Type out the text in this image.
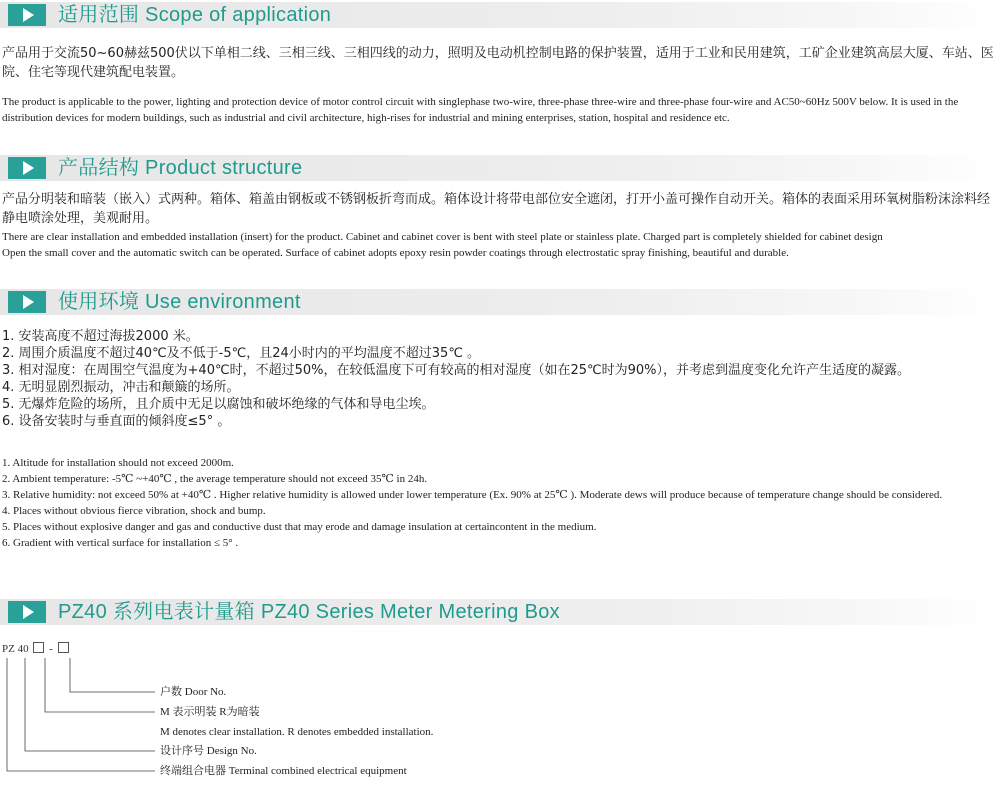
适用范围 Scope of application
产品用于交流50~60赫兹500伏以下单相二线、三相三线、三相四线的动力，照明及电动机控制电路的保护装置，适用于工业和民用建筑，工矿企业建筑高层大厦、车站、医院、住宅等现代建筑配电装置。
The product is applicable to the power, lighting and protection device of motor control circuit with singlephase two-wire, three-phase three-wire and three-phase four-wire and AC50~60Hz 500V below. It is used in the distribution devices for modern buildings, such as industrial and civil architecture, high-rises for industrial and mining enterprises, station, hospital and residence etc.
产品结构 Product structure
产品分明装和暗装（嵌入）式两种。箱体、箱盖由钢板或不锈钢板折弯而成。箱体设计将带电部位安全遮闭，打开小盖可操作自动开关。箱体的表面采用环氧树脂粉沫涂料经静电喷涂处理，美观耐用。
There are clear installation and embedded installation (insert) for the product. Cabinet and cabinet cover is bent with steel plate or stainless plate. Charged part is completely shielded for cabinet design
Open the small cover and the automatic switch can be operated. Surface of cabinet adopts epoxy resin powder coatings through electrostatic spray finishing, beautiful and durable.
使用环境 Use environment
1. 安装高度不超过海拔2000 米。
2. 周围介质温度不超过40℃及不低于-5℃，且24小时内的平均温度不超过35℃ 。
3. 相对湿度：在周围空气温度为+40℃时，不超过50%，在较低温度下可有较高的相对湿度（如在25℃时为90%），并考虑到温度变化允许产生适度的凝露。
4. 无明显剧烈振动，冲击和颠簸的场所。
5. 无爆炸危险的场所，且介质中无足以腐蚀和破坏绝缘的气体和导电尘埃。
6. 设备安装时与垂直面的倾斜度≤5° 。
1. Altitude for installation should not exceed 2000m.
2. Ambient temperature: -5℃ ~+40℃ , the average temperature should not exceed 35℃ in 24h.
3. Relative humidity: not exceed 50% at +40℃ . Higher relative humidity is allowed under lower temperature (Ex. 90% at 25℃ ). Moderate dews will produce because of temperature change should be considered.
4. Places without obvious fierce vibration, shock and bump.
5. Places without explosive danger and gas and conductive dust that may erode and damage insulation at certaincontent in the medium.
6. Gradient with vertical surface for installation ≤ 5° .
PZ40 系列电表计量箱 PZ40 Series Meter Metering Box
PZ 40 -
户数 Door No.
M 表示明装 R为暗装
M denotes clear installation. R denotes embedded installation.
设计序号 Design No.
终端组合电器 Terminal combined electrical equipment
